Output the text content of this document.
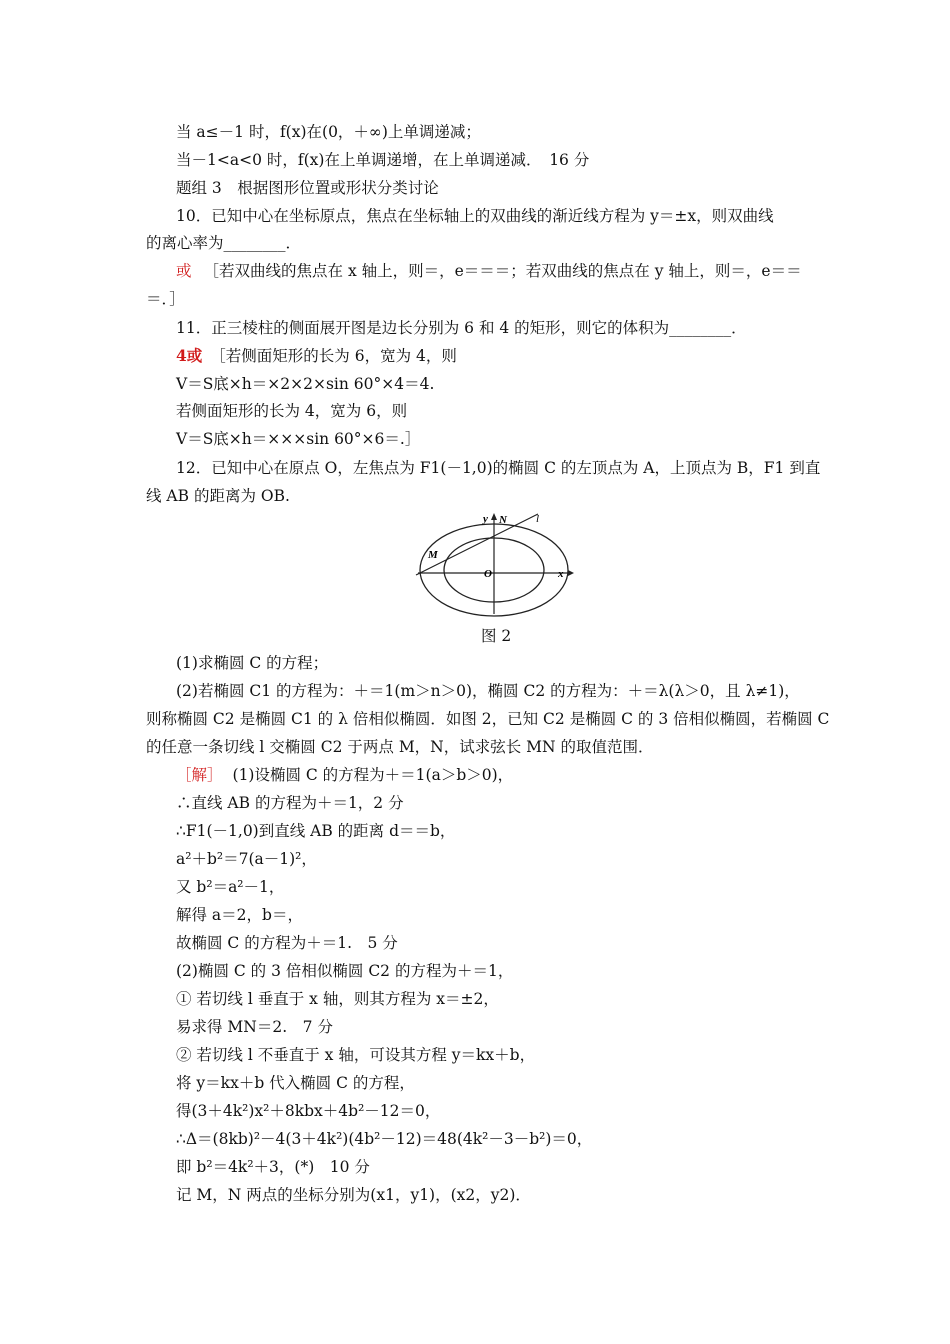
当 a≤－1 时，f(x)在(0，＋∞)上单调递减；
当－1<a<0 时，f(x)在上单调递增，在上单调递减．　16 分
题组 3　根据图形位置或形状分类讨论
10．已知中心在坐标原点，焦点在坐标轴上的双曲线的渐近线方程为 y＝±x，则双曲线
的离心率为________．
或 ［若双曲线的焦点在 x 轴上，则＝，e＝＝＝；若双曲线的焦点在 y 轴上，则＝，e＝＝
＝．］
11．正三棱柱的侧面展开图是边长分别为 6 和 4 的矩形，则它的体积为________．
4或 ［若侧面矩形的长为 6，宽为 4，则
V＝S底×h＝×2×2×sin 60°×4＝4.
若侧面矩形的长为 4，宽为 6，则
V＝S底×h＝×××sin 60°×6＝.］
12．已知中心在原点 O，左焦点为 F1(－1,0)的椭圆 C 的左顶点为 A，上顶点为 B，F1 到直
线 AB 的距离为 OB.
y N	l
M
O	x
图 2
(1)求椭圆 C 的方程；
(2)若椭圆 C1 的方程为：＋＝1(m＞n＞0)，椭圆 C2 的方程为：＋＝λ(λ＞0，且 λ≠1)，
则称椭圆 C2 是椭圆 C1 的 λ 倍相似椭圆．如图 2，已知 C2 是椭圆 C 的 3 倍相似椭圆，若椭圆 C
的任意一条切线 l 交椭圆 C2 于两点 M，N，试求弦长 MN 的取值范围．
［解］ (1)设椭圆 C 的方程为＋＝1(a＞b＞0)，
∴直线 AB 的方程为＋＝1，2 分
∴F1(－1,0)到直线 AB 的距离 d＝＝b，
a²＋b²＝7(a－1)²，
又 b²＝a²－1，
解得 a＝2，b＝，
故椭圆 C 的方程为＋＝1.　5 分
(2)椭圆 C 的 3 倍相似椭圆 C2 的方程为＋＝1，
① 若切线 l 垂直于 x 轴，则其方程为 x＝±2，
易求得 MN＝2.　7 分
② 若切线 l 不垂直于 x 轴，可设其方程 y＝kx＋b，
将 y＝kx＋b 代入椭圆 C 的方程，
得(3＋4k²)x²＋8kbx＋4b²－12＝0，
∴Δ＝(8kb)²－4(3＋4k²)(4b²－12)＝48(4k²－3－b²)＝0，
即 b²＝4k²＋3，(*)　10 分
记 M，N 两点的坐标分别为(x1，y1)，(x2，y2)．
